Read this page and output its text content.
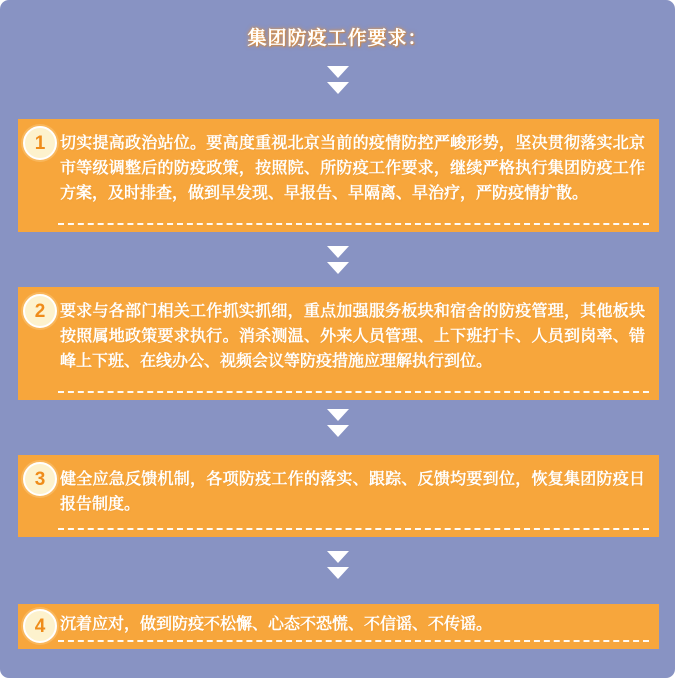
集团防疫工作要求：
1 切实提高政治站位。要高度重视北京当前的疫情防控严峻形势，坚决贯彻落实北京市等级调整后的防疫政策，按照院、所防疫工作要求，继续严格执行集团防疫工作方案，及时排查，做到早发现、早报告、早隔离、早治疗，严防疫情扩散。

2 要求与各部门相关工作抓实抓细，重点加强服务板块和宿舍的防疫管理，其他板块按照属地政策要求执行。消杀测温、外来人员管理、上下班打卡、人员到岗率、错峰上下班、在线办公、视频会议等防疫措施应理解执行到位。

3 健全应急反馈机制，各项防疫工作的落实、跟踪、反馈均要到位，恢复集团防疫日报告制度。

4 沉着应对，做到防疫不松懈、心态不恐慌、不信谣、不传谣。
